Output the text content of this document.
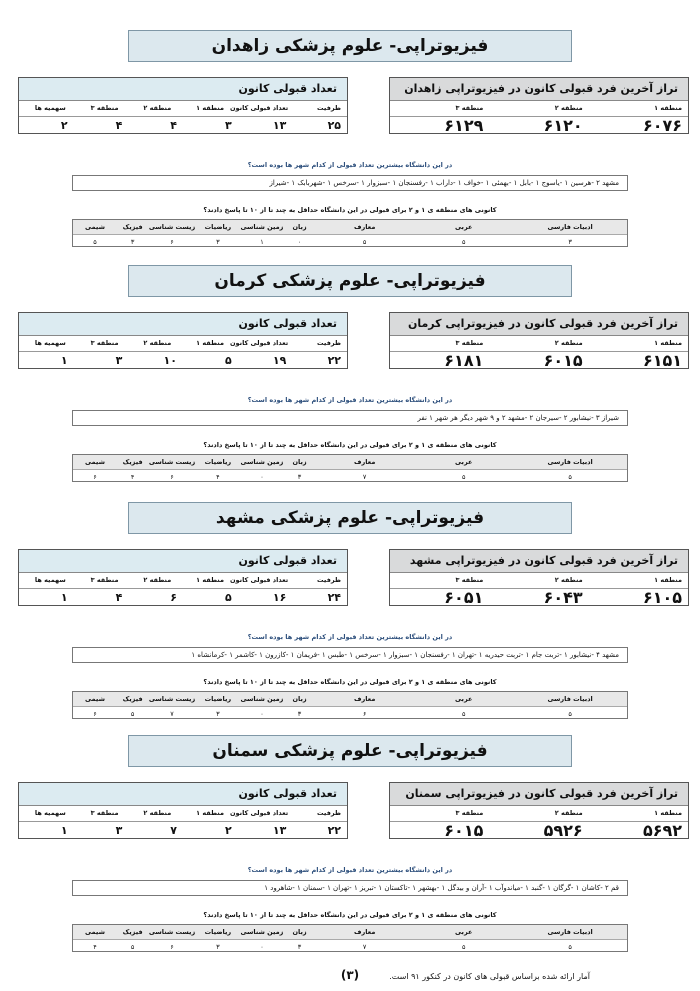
فیزیوتراپی- علوم پزشکی زاهدان
تراز آخرین فرد قبولی کانون در فیزیوتراپی زاهدان
منطقه ۱
منطقه ۲
منطقه ۳
۶۰۷۶
۶۱۲۰
۶۱۲۹
تعداد قبولی کانون
ظرفیت
تعداد قبولی کانون
منطقه ۱
منطقه ۲
منطقه ۳
سهمیه ها
۲۵
۱۳
۳
۴
۴
۲
در این دانشگاه بیشترین تعداد قبولی از کدام شهر ها بوده است؟
مشهد ۲ -هرسین ۱ -یاسوج ۱ -بابل ۱ -بهمئی ۱ -خواف ۱ -داراب ۱ -رفسنجان ۱ -سبزوار ۱ -سرخس ۱ -شهربابک ۱ -شیراز
کانونی های منطقه ی ۱ و ۲ برای قبولی در این دانشگاه حداقل به چند تا از ۱۰ تا پاسخ دادند؟
ادبیات فارسی
عربی
معارف
زبان
زمین شناسی
ریاضیات
زیست شناسی
فیزیک
شیمی
۳
۵
۵
۰
۱
۳
۶
۳
۵
فیزیوتراپی- علوم پزشکی کرمان
تراز آخرین فرد قبولی کانون در فیزیوتراپی کرمان
منطقه ۱
منطقه ۲
منطقه ۳
۶۱۵۱
۶۰۱۵
۶۱۸۱
تعداد قبولی کانون
ظرفیت
تعداد قبولی کانون
منطقه ۱
منطقه ۲
منطقه ۳
سهمیه ها
۲۲
۱۹
۵
۱۰
۳
۱
در این دانشگاه بیشترین تعداد قبولی از کدام شهر ها بوده است؟
شیراز ۳ -نیشابور ۲ -سیرجان ۲ -مشهد ۲ و ۹ شهر دیگر هر شهر ۱ نفر
کانونی های منطقه ی ۱ و ۲ برای قبولی در این دانشگاه حداقل به چند تا از ۱۰ تا پاسخ دادند؟
ادبیات فارسی
عربی
معارف
زبان
زمین شناسی
ریاضیات
زیست شناسی
فیزیک
شیمی
۵
۵
۷
۳
۰
۴
۶
۴
۶
فیزیوتراپی- علوم پزشکی مشهد
تراز آخرین فرد قبولی کانون در فیزیوتراپی مشهد
منطقه ۱
منطقه ۲
منطقه ۳
۶۱۰۵
۶۰۴۳
۶۰۵۱
تعداد قبولی کانون
ظرفیت
تعداد قبولی کانون
منطقه ۱
منطقه ۲
منطقه ۳
سهمیه ها
۲۴
۱۶
۵
۶
۴
۱
در این دانشگاه بیشترین تعداد قبولی از کدام شهر ها بوده است؟
مشهد ۴ -نیشابور ۱ -تربت جام ۱ -تربت حیدریه ۱ -تهران ۱ -رفسنجان ۱ -سبزوار ۱ -سرخس ۱ -طبس ۱ -فریمان ۱ -کازرون ۱ -کاشمر ۱ -کرمانشاه ۱
کانونی های منطقه ی ۱ و ۲ برای قبولی در این دانشگاه حداقل به چند تا از ۱۰ تا پاسخ دادند؟
ادبیات فارسی
عربی
معارف
زبان
زمین شناسی
ریاضیات
زیست شناسی
فیزیک
شیمی
۵
۵
۶
۳
۰
۳
۷
۵
۶
فیزیوتراپی- علوم پزشکی سمنان
تراز آخرین فرد قبولی کانون در فیزیوتراپی سمنان
منطقه ۱
منطقه ۲
منطقه ۳
۵۶۹۲
۵۹۲۶
۶۰۱۵
تعداد قبولی کانون
ظرفیت
تعداد قبولی کانون
منطقه ۱
منطقه ۲
منطقه ۳
سهمیه ها
۲۲
۱۳
۲
۷
۳
۱
در این دانشگاه بیشترین تعداد قبولی از کدام شهر ها بوده است؟
قم ۲ -کاشان ۱ -گرگان ۱ -گنبد ۱ -میاندوآب ۱ -آران و بیدگل ۱ -بهشهر ۱ -تاکستان ۱ -تبریز ۱ -تهران ۱ -سمنان ۱ -شاهرود ۱
کانونی های منطقه ی ۱ و ۲ برای قبولی در این دانشگاه حداقل به چند تا از ۱۰ تا پاسخ دادند؟
ادبیات فارسی
عربی
معارف
زبان
زمین شناسی
ریاضیات
زیست شناسی
فیزیک
شیمی
۵
۵
۷
۳
۰
۳
۶
۵
۴
(۳)	آمار ارائه شده براساس قبولی های کانون در کنکور ۹۱ است.
